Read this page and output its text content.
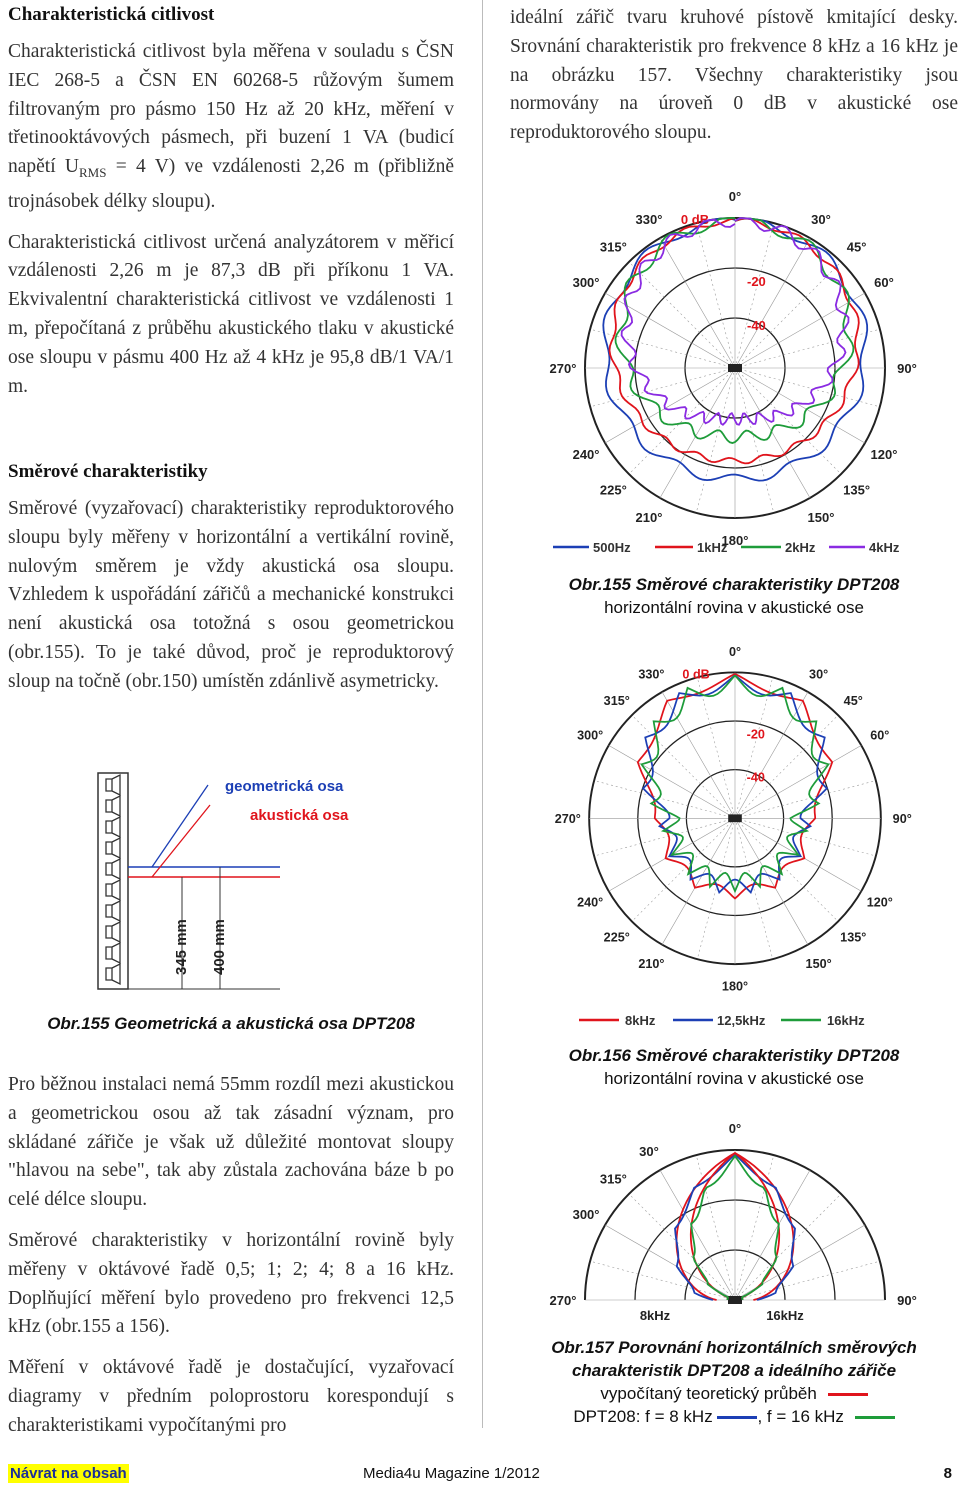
Charakteristická citlivost

Charakteristická citlivost byla měřena v souladu s ČSN IEC 268-5 a ČSN EN 60268-5 růžovým šumem filtrovaným pro pásmo 150 Hz až 20 kHz, měření v třetinooktávových pásmech, při buzení 1 VA (budicí napětí $U_{RMS} = 4$ V) ve vzdálenosti 2,26 m (přibližně trojnásobek délky sloupu).

Charakteristická citlivost určená analyzátorem v měřicí vzdálenosti 2,26 m je 87,3 dB při příkonu 1 VA. Ekvivalentní charakteristická citlivost ve vzdálenosti 1 m, přepočítaná z průběhu akustického tlaku v akustické ose sloupu v pásmu 400 Hz až 4 kHz je 95,8 dB/1 VA/1 m.

Směrové charakteristiky

Směrové (vyzařovací) charakteristiky reproduktorového sloupu byly měřeny v horizontální a vertikální rovině, nulovým směrem je vždy akustická osa sloupu. Vzhledem k uspořádání zářičů a mechanické konstrukci není akustická osa totožná s osou geometrickou (obr.155). To je také důvod, proč je reproduktorový sloup na točně (obr.150) umístěn zdánlivě asymetricky.

geometrická osa
akustická osa
345 mm 400 mm
Obr.155 Geometrická a akustická osa DPT208

Pro běžnou instalaci nemá 55mm rozdíl mezi akustickou a geometrickou osou až tak zásadní význam, pro skládané zářiče je však už důležité montovat sloupy "hlavou na sebe", tak aby zůstala zachována báze b po celé délce sloupu.

Směrové charakteristiky v horizontální rovině byly měřeny v oktávové řadě 0,5; 1; 2; 4; 8 a 16 kHz. Doplňující měření bylo provedeno pro frekvenci 12,5 kHz (obr.155 a 156).

Měření v oktávové řadě je dostačující, vyzařovací diagramy v předním poloprostoru korespondují s charakteristikami vypočítanými pro

ideální zářič tvaru kruhové pístově kmitající desky. Srovnání charakteristik pro frekvence 8 kHz a 16 kHz je na obrázku 157. Všechny charakteristiky jsou normovány na úroveň 0 dB v akustické ose reproduktorového sloupu.

0°
30°
45°
60°
90°
120°
135°
150°
180°
210°
225°
240°
270°
300°
315°
330° 0 dB
-20
-40
500Hz	1kHz	2kHz	4kHz
Obr.155 Směrové charakteristiky DPT208
horizontální rovina v akustické ose
0°
30°
45°
60°
90°
120°
135°
150°
180°
210°
225°
240°
270°
300°
315°
330° 0 dB
-20
-40
8kHz	12,5kHz	16kHz
Obr.156 Směrové charakteristiky DPT208
horizontální rovina v akustické ose
0°
30°
315°
300°
270°	90°
8kHz	16kHz
Obr.157 Porovnání horizontálních směrových charakteristik DPT208 a ideálního zářiče
vypočítaný teoretický průběh
DPT208: f = 8 kHz	, f = 16 kHz
Návrat na obsah	Media4u Magazine 1/2012	8
